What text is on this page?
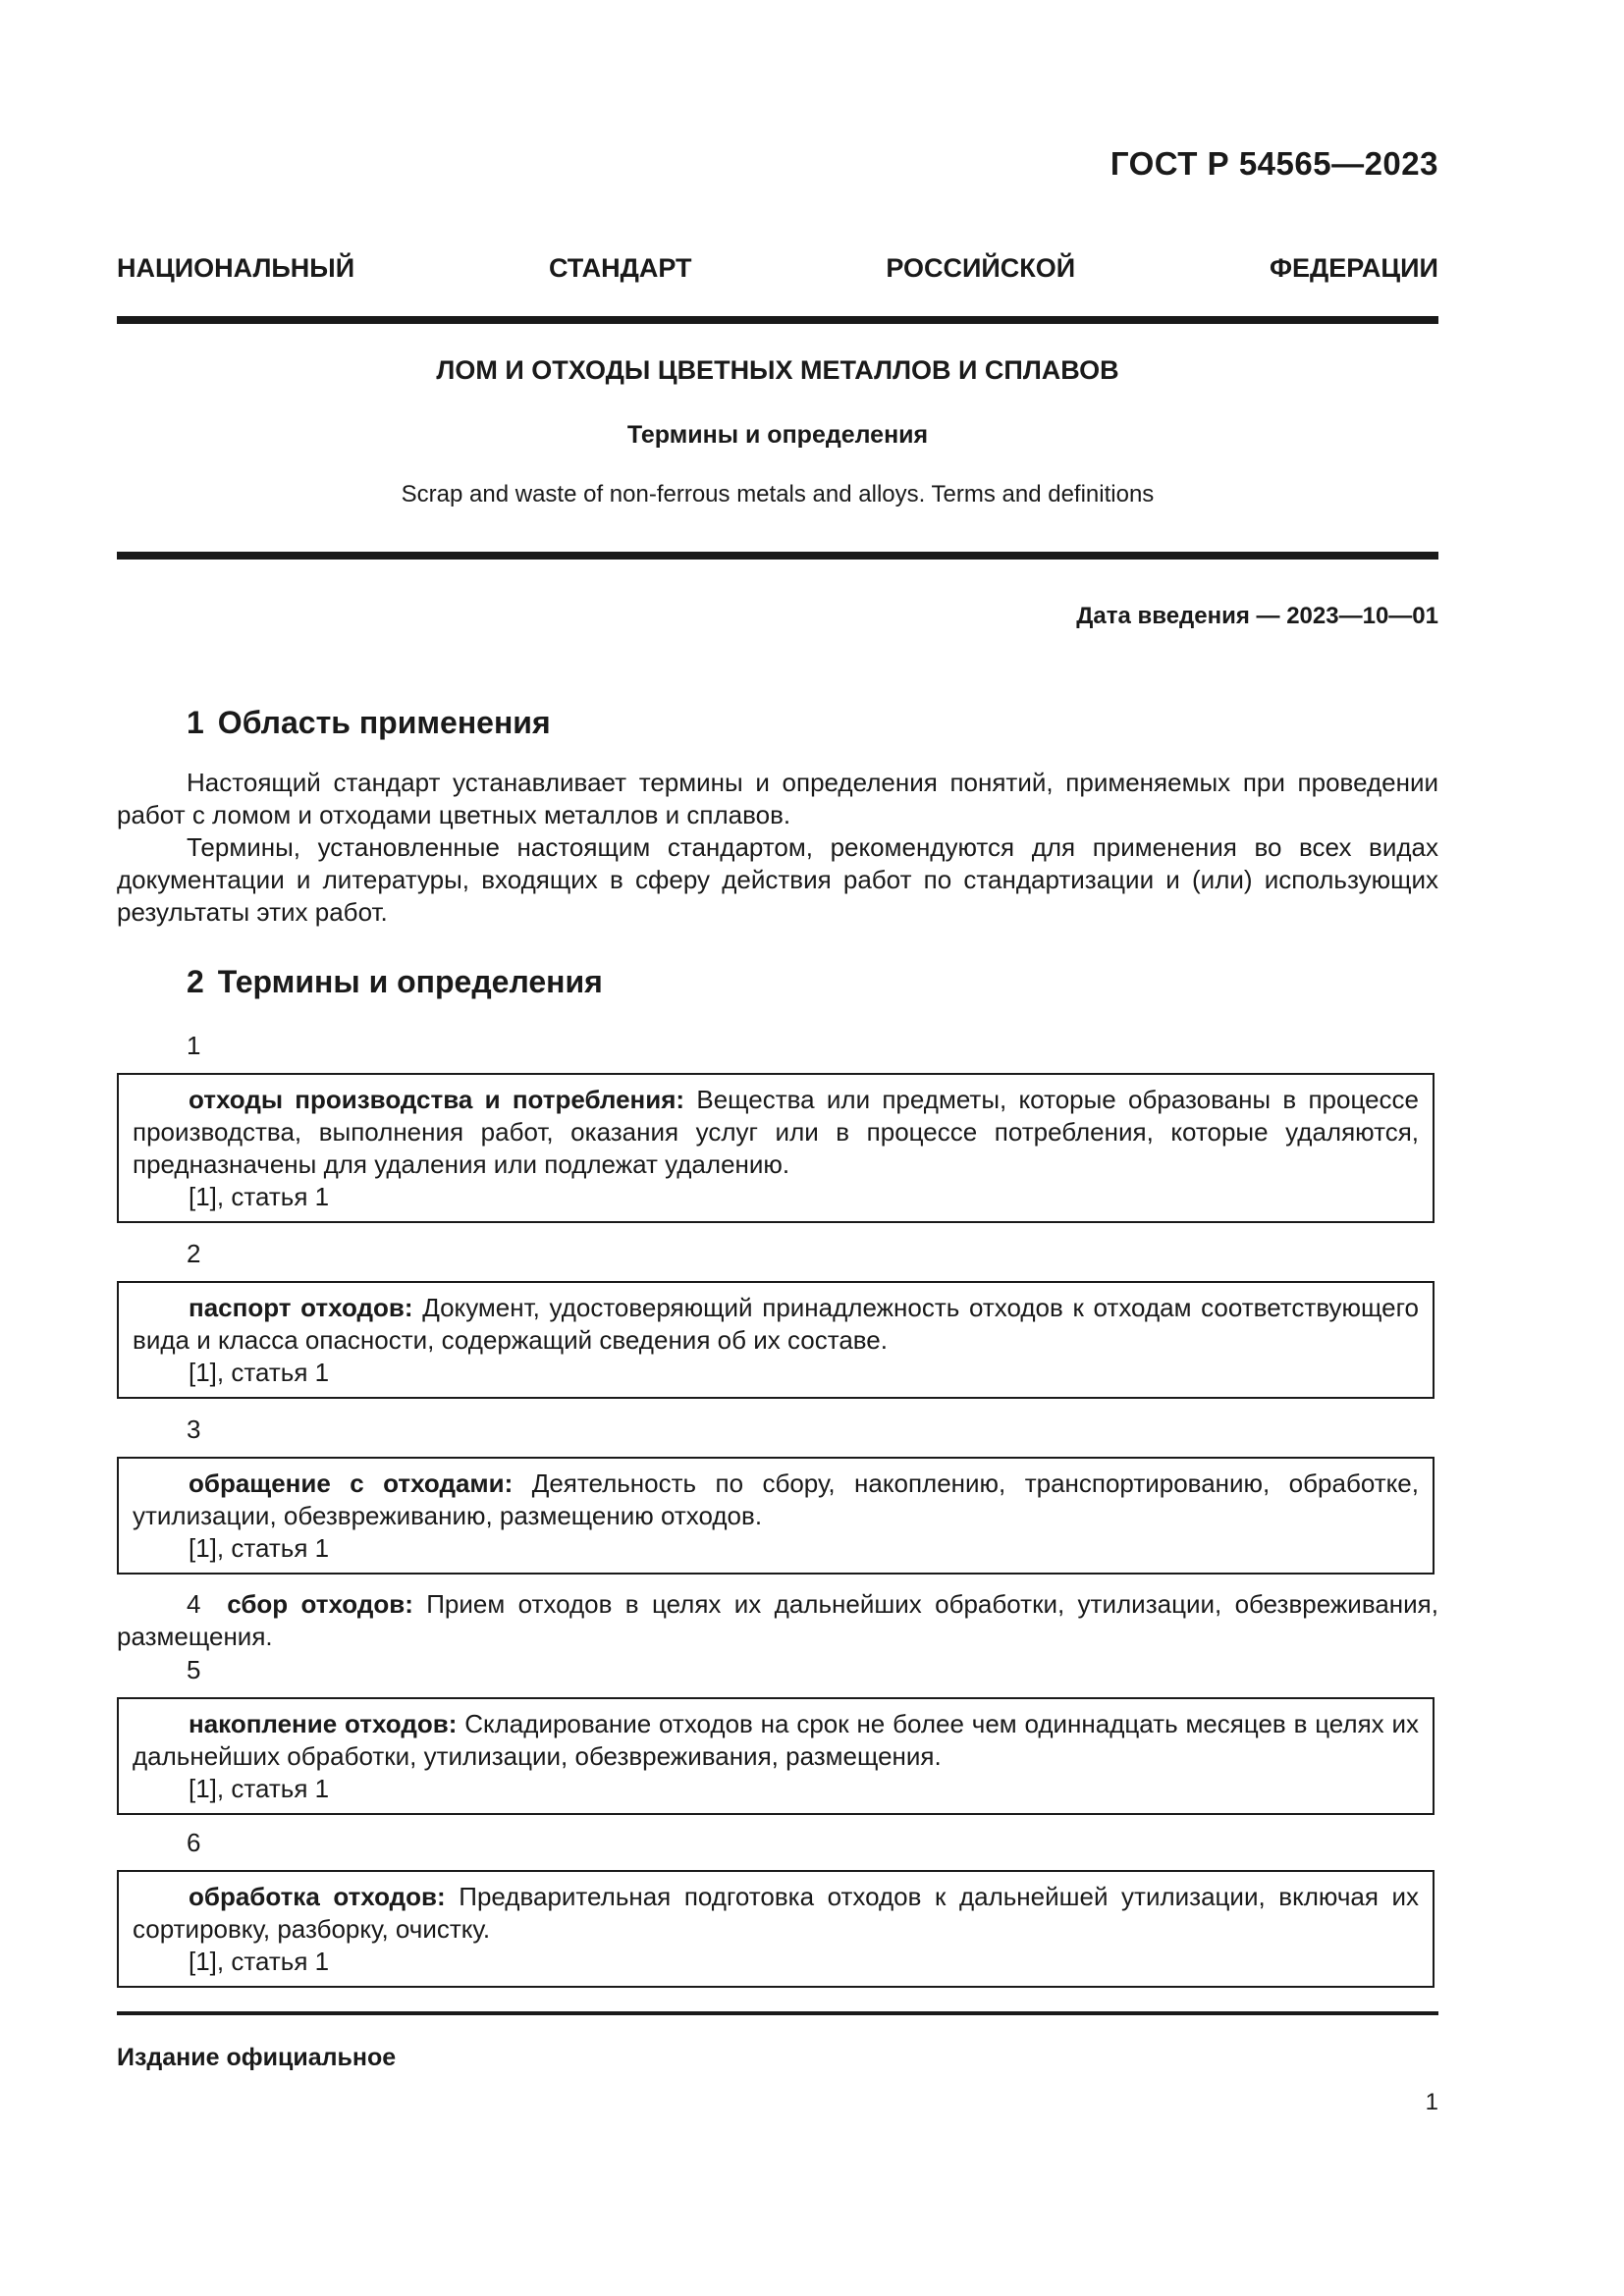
ГОСТ Р 54565—2023
НАЦИОНАЛЬНЫЙ	СТАНДАРТ	РОССИЙСКОЙ	ФЕДЕРАЦИИ
ЛОМ И ОТХОДЫ ЦВЕТНЫХ МЕТАЛЛОВ И СПЛАВОВ
Термины и определения
Scrap and waste of non-ferrous metals and alloys. Terms and definitions
Дата введения — 2023—10—01
1 Область применения
Настоящий стандарт устанавливает термины и определения понятий, применяемых при проведении работ с ломом и отходами цветных металлов и сплавов.
Термины, установленные настоящим стандартом, рекомендуются для применения во всех видах документации и литературы, входящих в сферу действия работ по стандартизации и (или) использующих результаты этих работ.
2 Термины и определения
1
отходы производства и потребления: Вещества или предметы, которые образованы в процессе производства, выполнения работ, оказания услуг или в процессе потребления, которые удаляются, предназначены для удаления или подлежат удалению.
[1], статья 1
2
паспорт отходов: Документ, удостоверяющий принадлежность отходов к отходам соответствующего вида и класса опасности, содержащий сведения об их составе.
[1], статья 1
3
обращение с отходами: Деятельность по сбору, накоплению, транспортированию, обработке, утилизации, обезвреживанию, размещению отходов.
[1], статья 1
4 сбор отходов: Прием отходов в целях их дальнейших обработки, утилизации, обезвреживания, размещения.
5
накопление отходов: Складирование отходов на срок не более чем одиннадцать месяцев в целях их дальнейших обработки, утилизации, обезвреживания, размещения.
[1], статья 1
6
обработка отходов: Предварительная подготовка отходов к дальнейшей утилизации, включая их сортировку, разборку, очистку.
[1], статья 1
Издание официальное
1
